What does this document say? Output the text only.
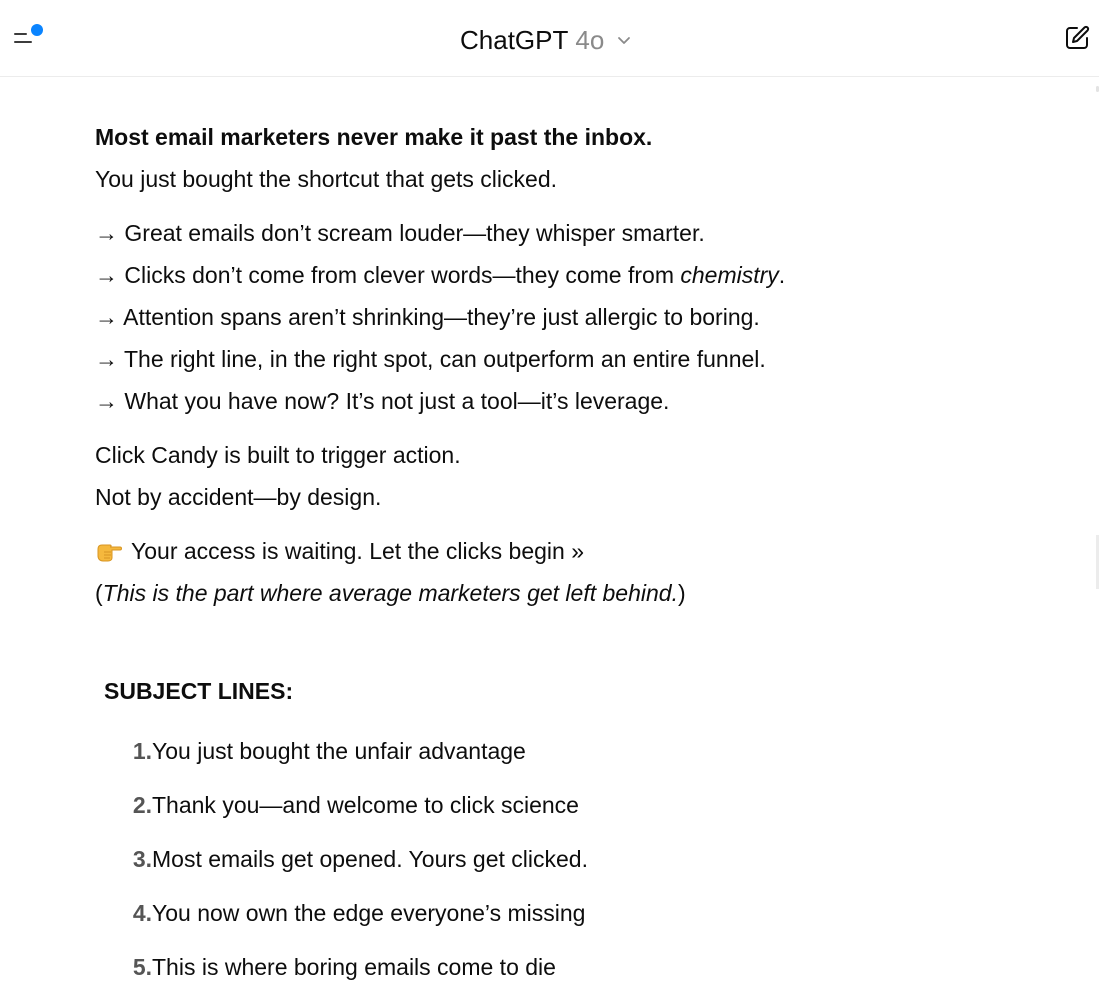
ChatGPT 4o

Most email marketers never make it past the inbox.

You just bought the shortcut that gets clicked.

→ Great emails don’t scream louder—they whisper smarter.

→ Clicks don’t come from clever words—they come from chemistry.

→ Attention spans aren’t shrinking—they’re just allergic to boring.

→ The right line, in the right spot, can outperform an entire funnel.

→ What you have now? It’s not just a tool—it’s leverage.

Click Candy is built to trigger action.

Not by accident—by design.

Your access is waiting. Let the clicks begin »

(This is the part where average marketers get left behind.)

SUBJECT LINES:
1. You just bought the unfair advantage
2. Thank you—and welcome to click science
3. Most emails get opened. Yours get clicked.
4. You now own the edge everyone’s missing
5. This is where boring emails come to die
